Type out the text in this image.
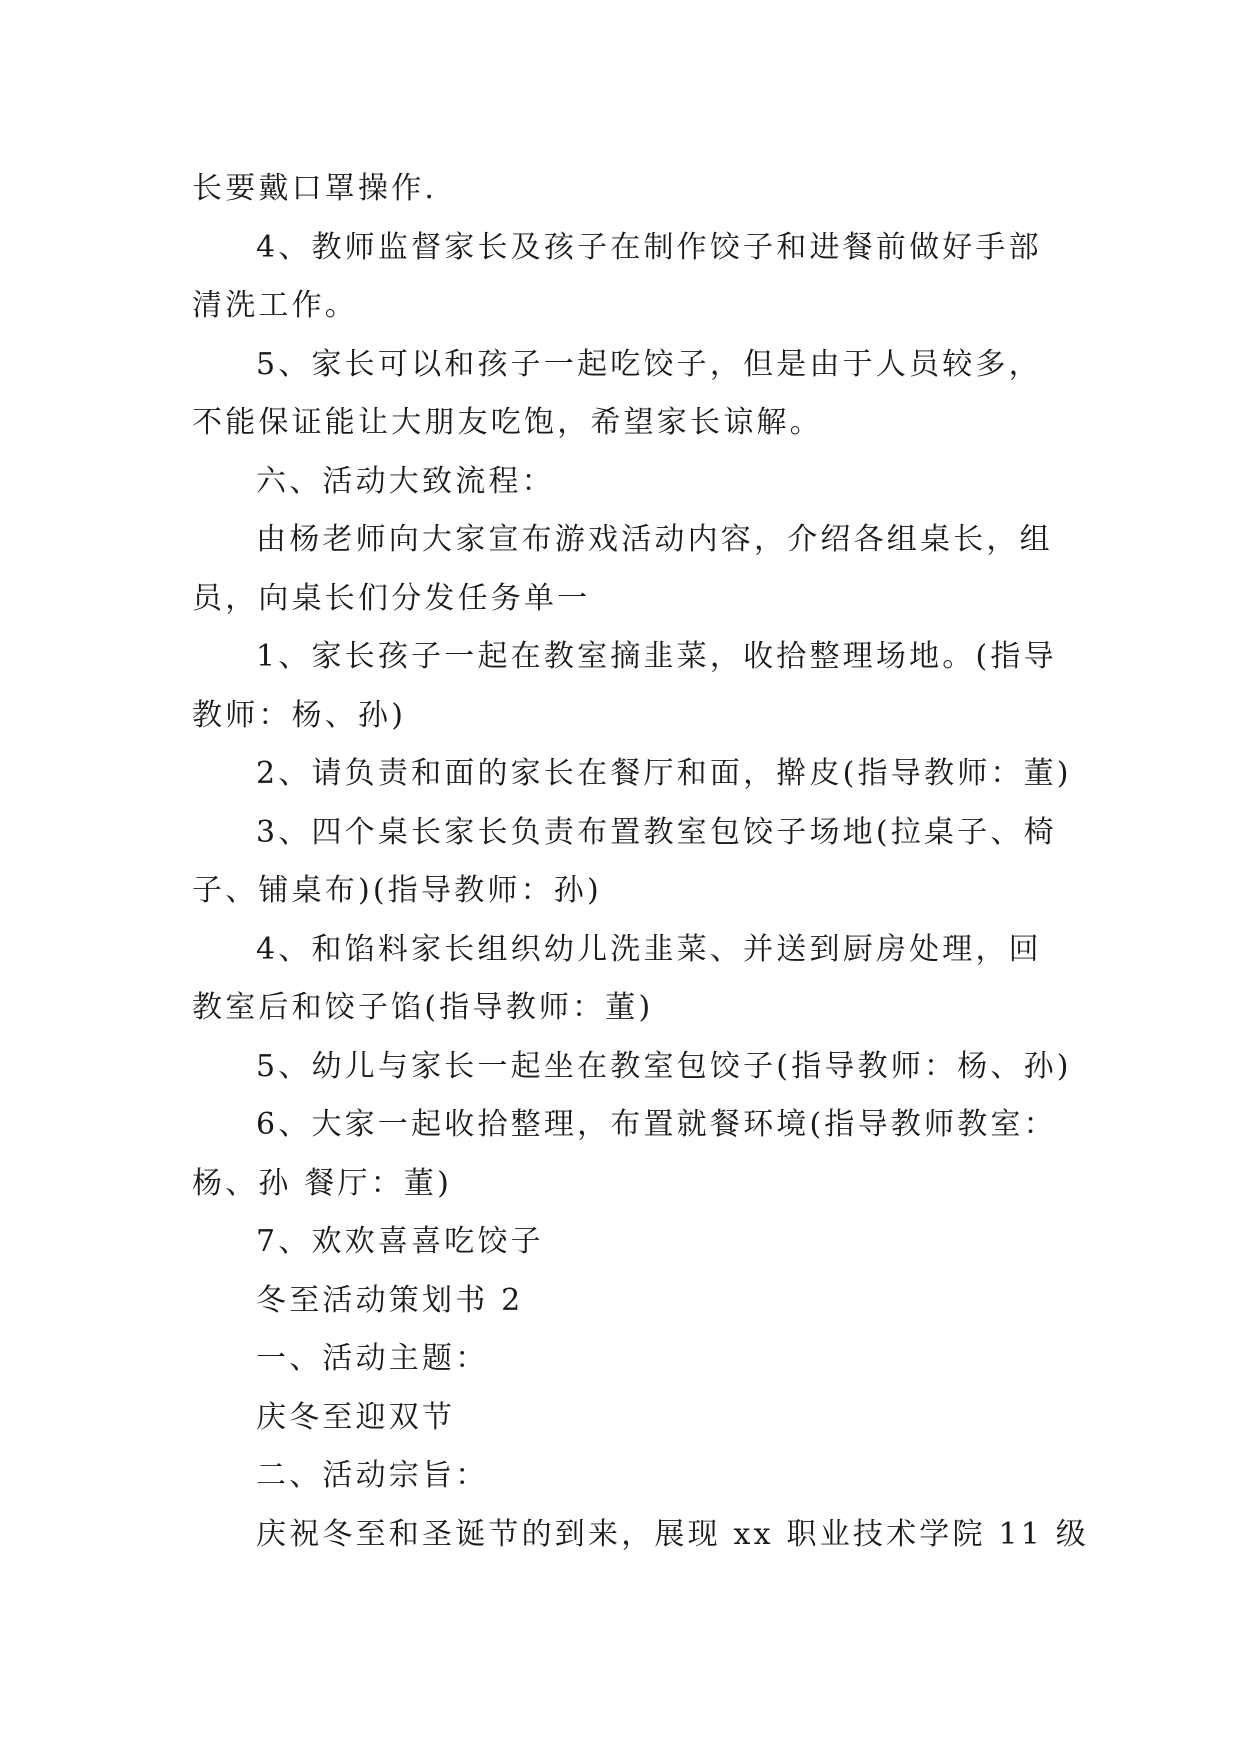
长要戴口罩操作.

4、教师监督家长及孩子在制作饺子和进餐前做好手部

清洗工作。

5、家长可以和孩子一起吃饺子，但是由于人员较多，

不能保证能让大朋友吃饱，希望家长谅解。

六、活动大致流程：

由杨老师向大家宣布游戏活动内容，介绍各组桌长，组

员，向桌长们分发任务单一

1、家长孩子一起在教室摘韭菜，收拾整理场地。(指导

教师：杨、孙)

2、请负责和面的家长在餐厅和面，擀皮(指导教师：董)

3、四个桌长家长负责布置教室包饺子场地(拉桌子、椅

子、铺桌布)(指导教师：孙)

4、和馅料家长组织幼儿洗韭菜、并送到厨房处理，回

教室后和饺子馅(指导教师：董)

5、幼儿与家长一起坐在教室包饺子(指导教师：杨、孙)

6、大家一起收拾整理，布置就餐环境(指导教师教室：

杨、孙 餐厅：董)

7、欢欢喜喜吃饺子

冬至活动策划书 2

一、活动主题：

庆冬至迎双节

二、活动宗旨：

庆祝冬至和圣诞节的到来，展现 xx 职业技术学院 11 级
